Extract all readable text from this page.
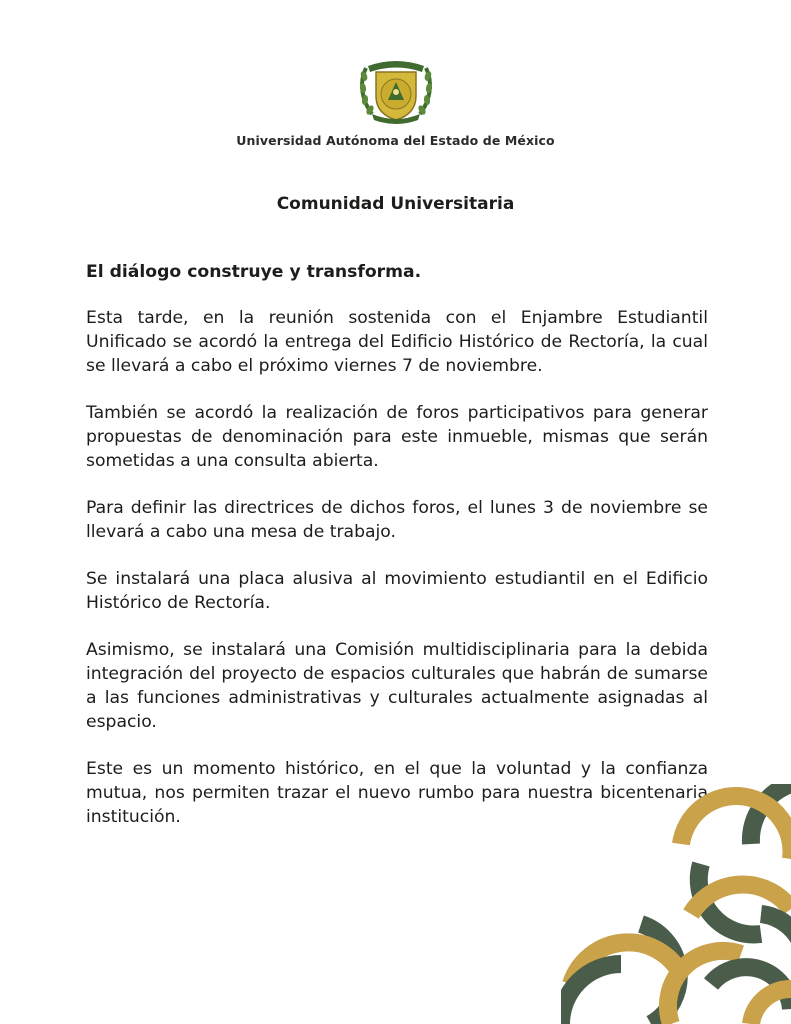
Universidad Autónoma del Estado de México
Comunidad Universitaria

El diálogo construye y transforma.

Esta tarde, en la reunión sostenida con el Enjambre Estudiantil Unificado se acordó la entrega del Edificio Histórico de Rectoría, la cual se llevará a cabo el próximo viernes 7 de noviembre.

También se acordó la realización de foros participativos para generar propuestas de denominación para este inmueble, mismas que serán sometidas a una consulta abierta.

Para definir las directrices de dichos foros, el lunes 3 de noviembre se llevará a cabo una mesa de trabajo.

Se instalará una placa alusiva al movimiento estudiantil en el Edificio Histórico de Rectoría.

Asimismo, se instalará una Comisión multidisciplinaria para la debida integración del proyecto de espacios culturales que habrán de sumarse a las funciones administrativas y culturales actualmente asignadas al espacio.

Este es un momento histórico, en el que la voluntad y la confianza mutua, nos permiten trazar el nuevo rumbo para nuestra bicentenaria institución.
